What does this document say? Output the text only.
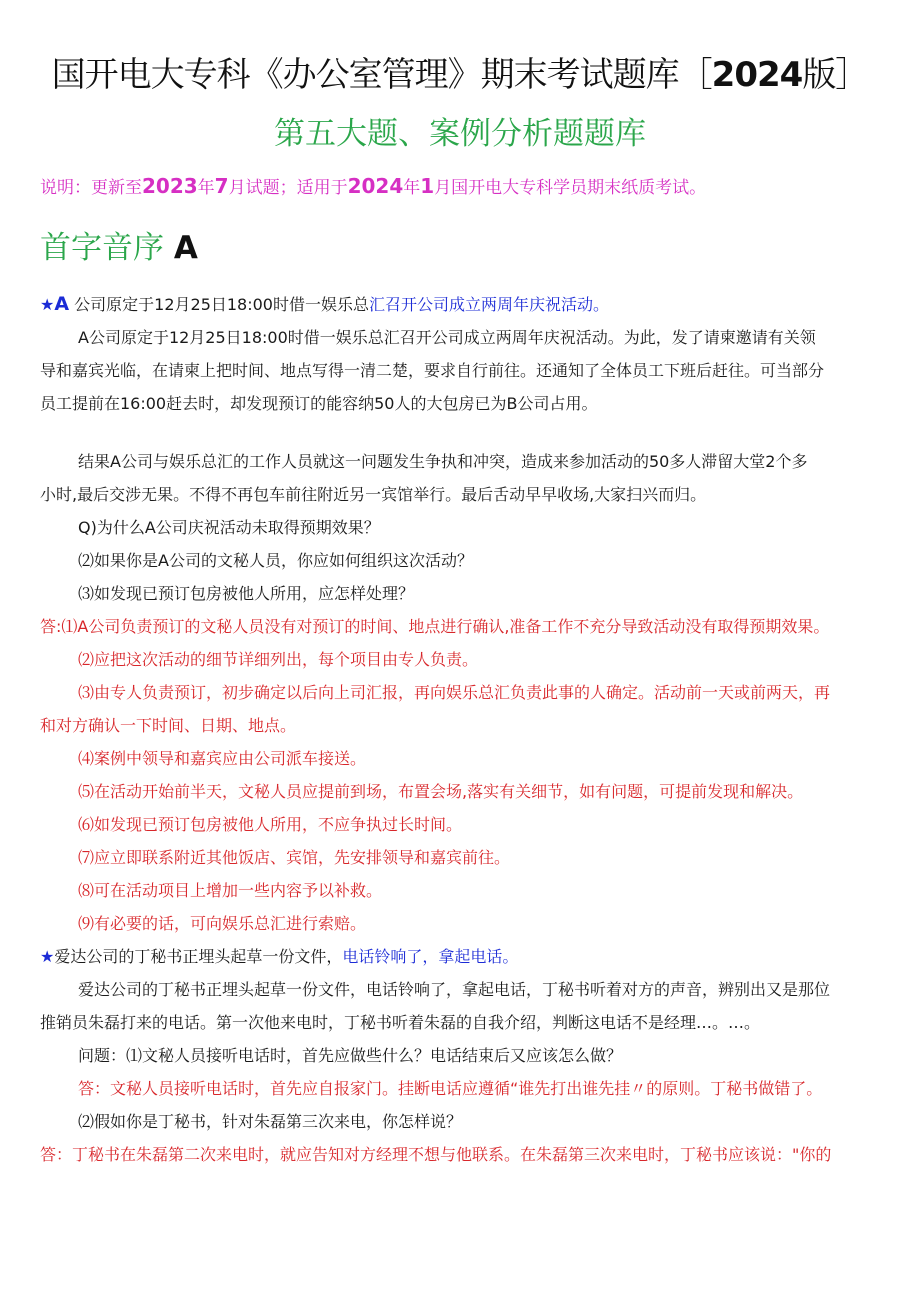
国开电大专科《办公室管理》期末考试题库［2024版］
第五大题、案例分析题题库
说明：更新至2023年7月试题；适用于2024年1月国开电大专科学员期末纸质考试。
首字音序 A
★A 公司原定于12月25日18:00时借一娱乐总汇召开公司成立两周年庆祝活动。
A公司原定于12月25日18:00时借一娱乐总汇召开公司成立两周年庆祝活动。为此，发了请柬邀请有关领
导和嘉宾光临，在请柬上把时间、地点写得一清二楚，要求自行前往。还通知了全体员工下班后赶往。可当部分
员工提前在16:00赶去时，却发现预订的能容纳50人的大包房已为B公司占用。
结果A公司与娱乐总汇的工作人员就这一问题发生争执和冲突，造成来参加活动的50多人滞留大堂2个多
小时,最后交涉无果。不得不再包车前往附近另一宾馆举行。最后舌动早早收场,大家扫兴而归。
Q)为什么A公司庆祝活动未取得预期效果？
⑵如果你是A公司的文秘人员，你应如何组织这次活动？
⑶如发现已预订包房被他人所用，应怎样处理？
答:⑴A公司负责预订的文秘人员没有对预订的时间、地点进行确认,准备工作不充分导致活动没有取得预期效果。
⑵应把这次活动的细节详细列出，每个项目由专人负责。
⑶由专人负责预订，初步确定以后向上司汇报，再向娱乐总汇负责此事的人确定。活动前一天或前两天，再
和对方确认一下时间、日期、地点。
⑷案例中领导和嘉宾应由公司派车接送。
⑸在活动开始前半天，文秘人员应提前到场，布置会场,落实有关细节，如有问题，可提前发现和解决。
⑹如发现已预订包房被他人所用，不应争执过长时间。
⑺应立即联系附近其他饭店、宾馆，先安排领导和嘉宾前往。
⑻可在活动项目上增加一些内容予以补救。
⑼有必要的话，可向娱乐总汇进行索赔。
★爱达公司的丁秘书正埋头起草一份文件，电话铃响了，拿起电话。
爱达公司的丁秘书正埋头起草一份文件，电话铃响了，拿起电话，丁秘书听着对方的声音，辨别出又是那位
推销员朱磊打来的电话。第一次他来电时，丁秘书听着朱磊的自我介绍，判断这电话不是经理…。…。
问题：⑴文秘人员接听电话时，首先应做些什么？电话结束后又应该怎么做？
答：文秘人员接听电话时，首先应自报家门。挂断电话应遵循“谁先打出谁先挂〃的原则。丁秘书做错了。
⑵假如你是丁秘书，针对朱磊第三次来电，你怎样说？
答：丁秘书在朱磊第二次来电时，就应告知对方经理不想与他联系。在朱磊第三次来电时，丁秘书应该说："你的
